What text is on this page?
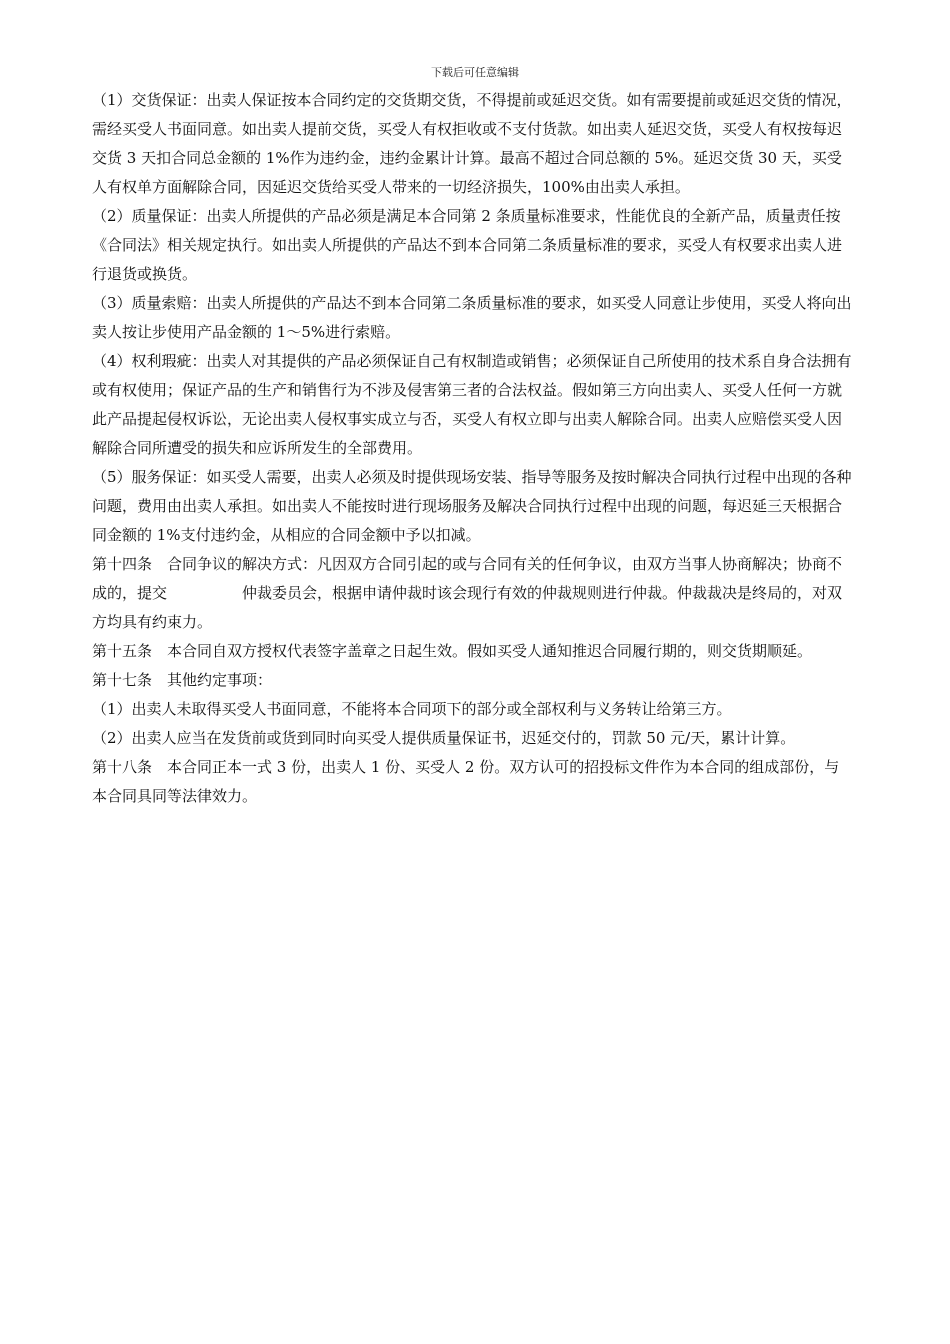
下载后可任意编辑

（1）交货保证：出卖人保证按本合同约定的交货期交货，不得提前或延迟交货。如有需要提前或延迟交货的情况，需经买受人书面同意。如出卖人提前交货，买受人有权拒收或不支付货款。如出卖人延迟交货，买受人有权按每迟交货 3 天扣合同总金额的 1%作为违约金，违约金累计计算。最高不超过合同总额的 5%。延迟交货 30 天，买受人有权单方面解除合同，因延迟交货给买受人带来的一切经济损失，100%由出卖人承担。

（2）质量保证：出卖人所提供的产品必须是满足本合同第 2 条质量标准要求，性能优良的全新产品，质量责任按《合同法》相关规定执行。如出卖人所提供的产品达不到本合同第二条质量标准的要求，买受人有权要求出卖人进行退货或换货。

（3）质量索赔：出卖人所提供的产品达不到本合同第二条质量标准的要求，如买受人同意让步使用，买受人将向出卖人按让步使用产品金额的 1～5%进行索赔。

（4）权利瑕疵：出卖人对其提供的产品必须保证自己有权制造或销售；必须保证自己所使用的技术系自身合法拥有或有权使用；保证产品的生产和销售行为不涉及侵害第三者的合法权益。假如第三方向出卖人、买受人任何一方就此产品提起侵权诉讼，无论出卖人侵权事实成立与否，买受人有权立即与出卖人解除合同。出卖人应赔偿买受人因解除合同所遭受的损失和应诉所发生的全部费用。

（5）服务保证：如买受人需要，出卖人必须及时提供现场安装、指导等服务及按时解决合同执行过程中出现的各种问题，费用由出卖人承担。如出卖人不能按时进行现场服务及解决合同执行过程中出现的问题，每迟延三天根据合同金额的 1%支付违约金，从相应的合同金额中予以扣减。

第十四条　合同争议的解决方式：凡因双方合同引起的或与合同有关的任何争议，由双方当事人协商解决；协商不成的，提交　　　　　仲裁委员会，根据申请仲裁时该会现行有效的仲裁规则进行仲裁。仲裁裁决是终局的，对双方均具有约束力。

第十五条　本合同自双方授权代表签字盖章之日起生效。假如买受人通知推迟合同履行期的，则交货期顺延。

第十七条　其他约定事项：

（1）出卖人未取得买受人书面同意，不能将本合同项下的部分或全部权利与义务转让给第三方。

（2）出卖人应当在发货前或货到同时向买受人提供质量保证书，迟延交付的，罚款 50 元/天，累计计算。

第十八条　本合同正本一式 3 份，出卖人 1 份、买受人 2 份。双方认可的招投标文件作为本合同的组成部份，与本合同具同等法律效力。
